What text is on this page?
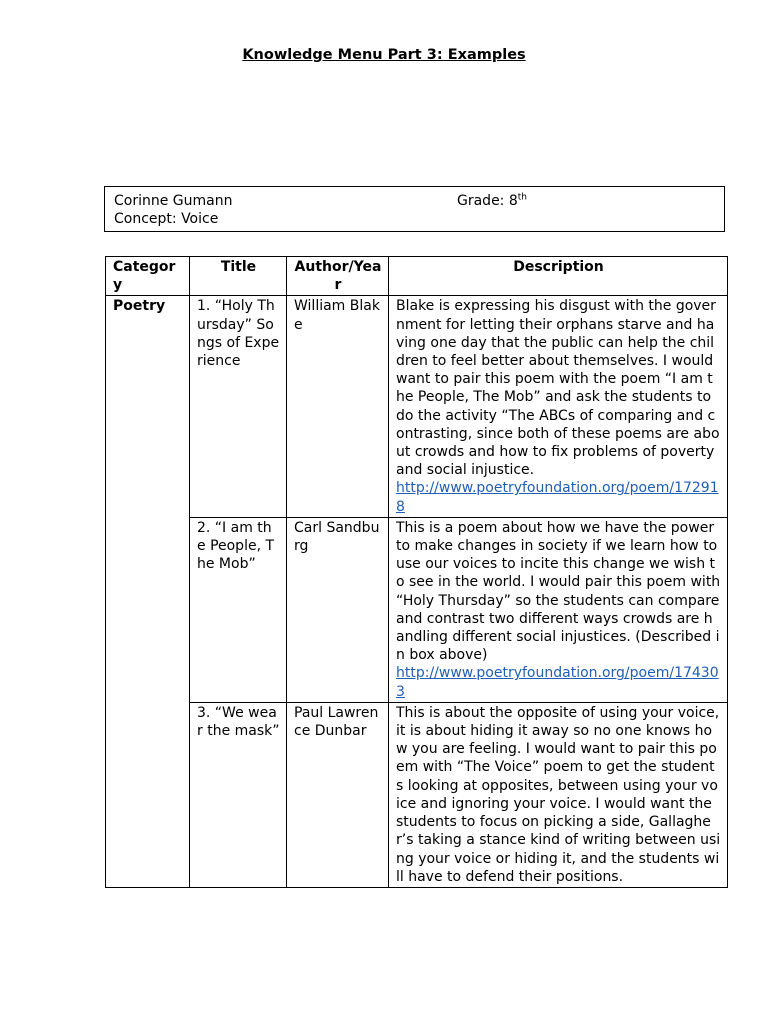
Knowledge Menu Part 3: Examples
Corinne Gumann
Concept: Voice
Grade: 8th
Category	Title	Author/Year	Description
Poetry	1. “Holy Thursday” Songs of Experience	William Blake	Blake is expressing his disgust with the government for letting their orphans starve and having one day that the public can help the children to feel better about themselves. I would want to pair this poem with the poem “I am the People, The Mob” and ask the students to do the activity “The ABCs of comparing and contrasting, since both of these poems are about crowds and how to fix problems of poverty and social injustice.
http://www.poetryfoundation.org/poem/172918
	2. “I am the People, The Mob”	Carl Sandburg	This is a poem about how we have the power to make changes in society if we learn how to use our voices to incite this change we wish to see in the world. I would pair this poem with “Holy Thursday” so the students can compare and contrast two different ways crowds are handling different social injustices. (Described in box above)
http://www.poetryfoundation.org/poem/174303
	3. “We wear the mask”	Paul Lawrence Dunbar	This is about the opposite of using your voice, it is about hiding it away so no one knows how you are feeling. I would want to pair this poem with “The Voice” poem to get the students looking at opposites, between using your voice and ignoring your voice. I would want the students to focus on picking a side, Gallagher’s taking a stance kind of writing between using your voice or hiding it, and the students will have to defend their positions.
